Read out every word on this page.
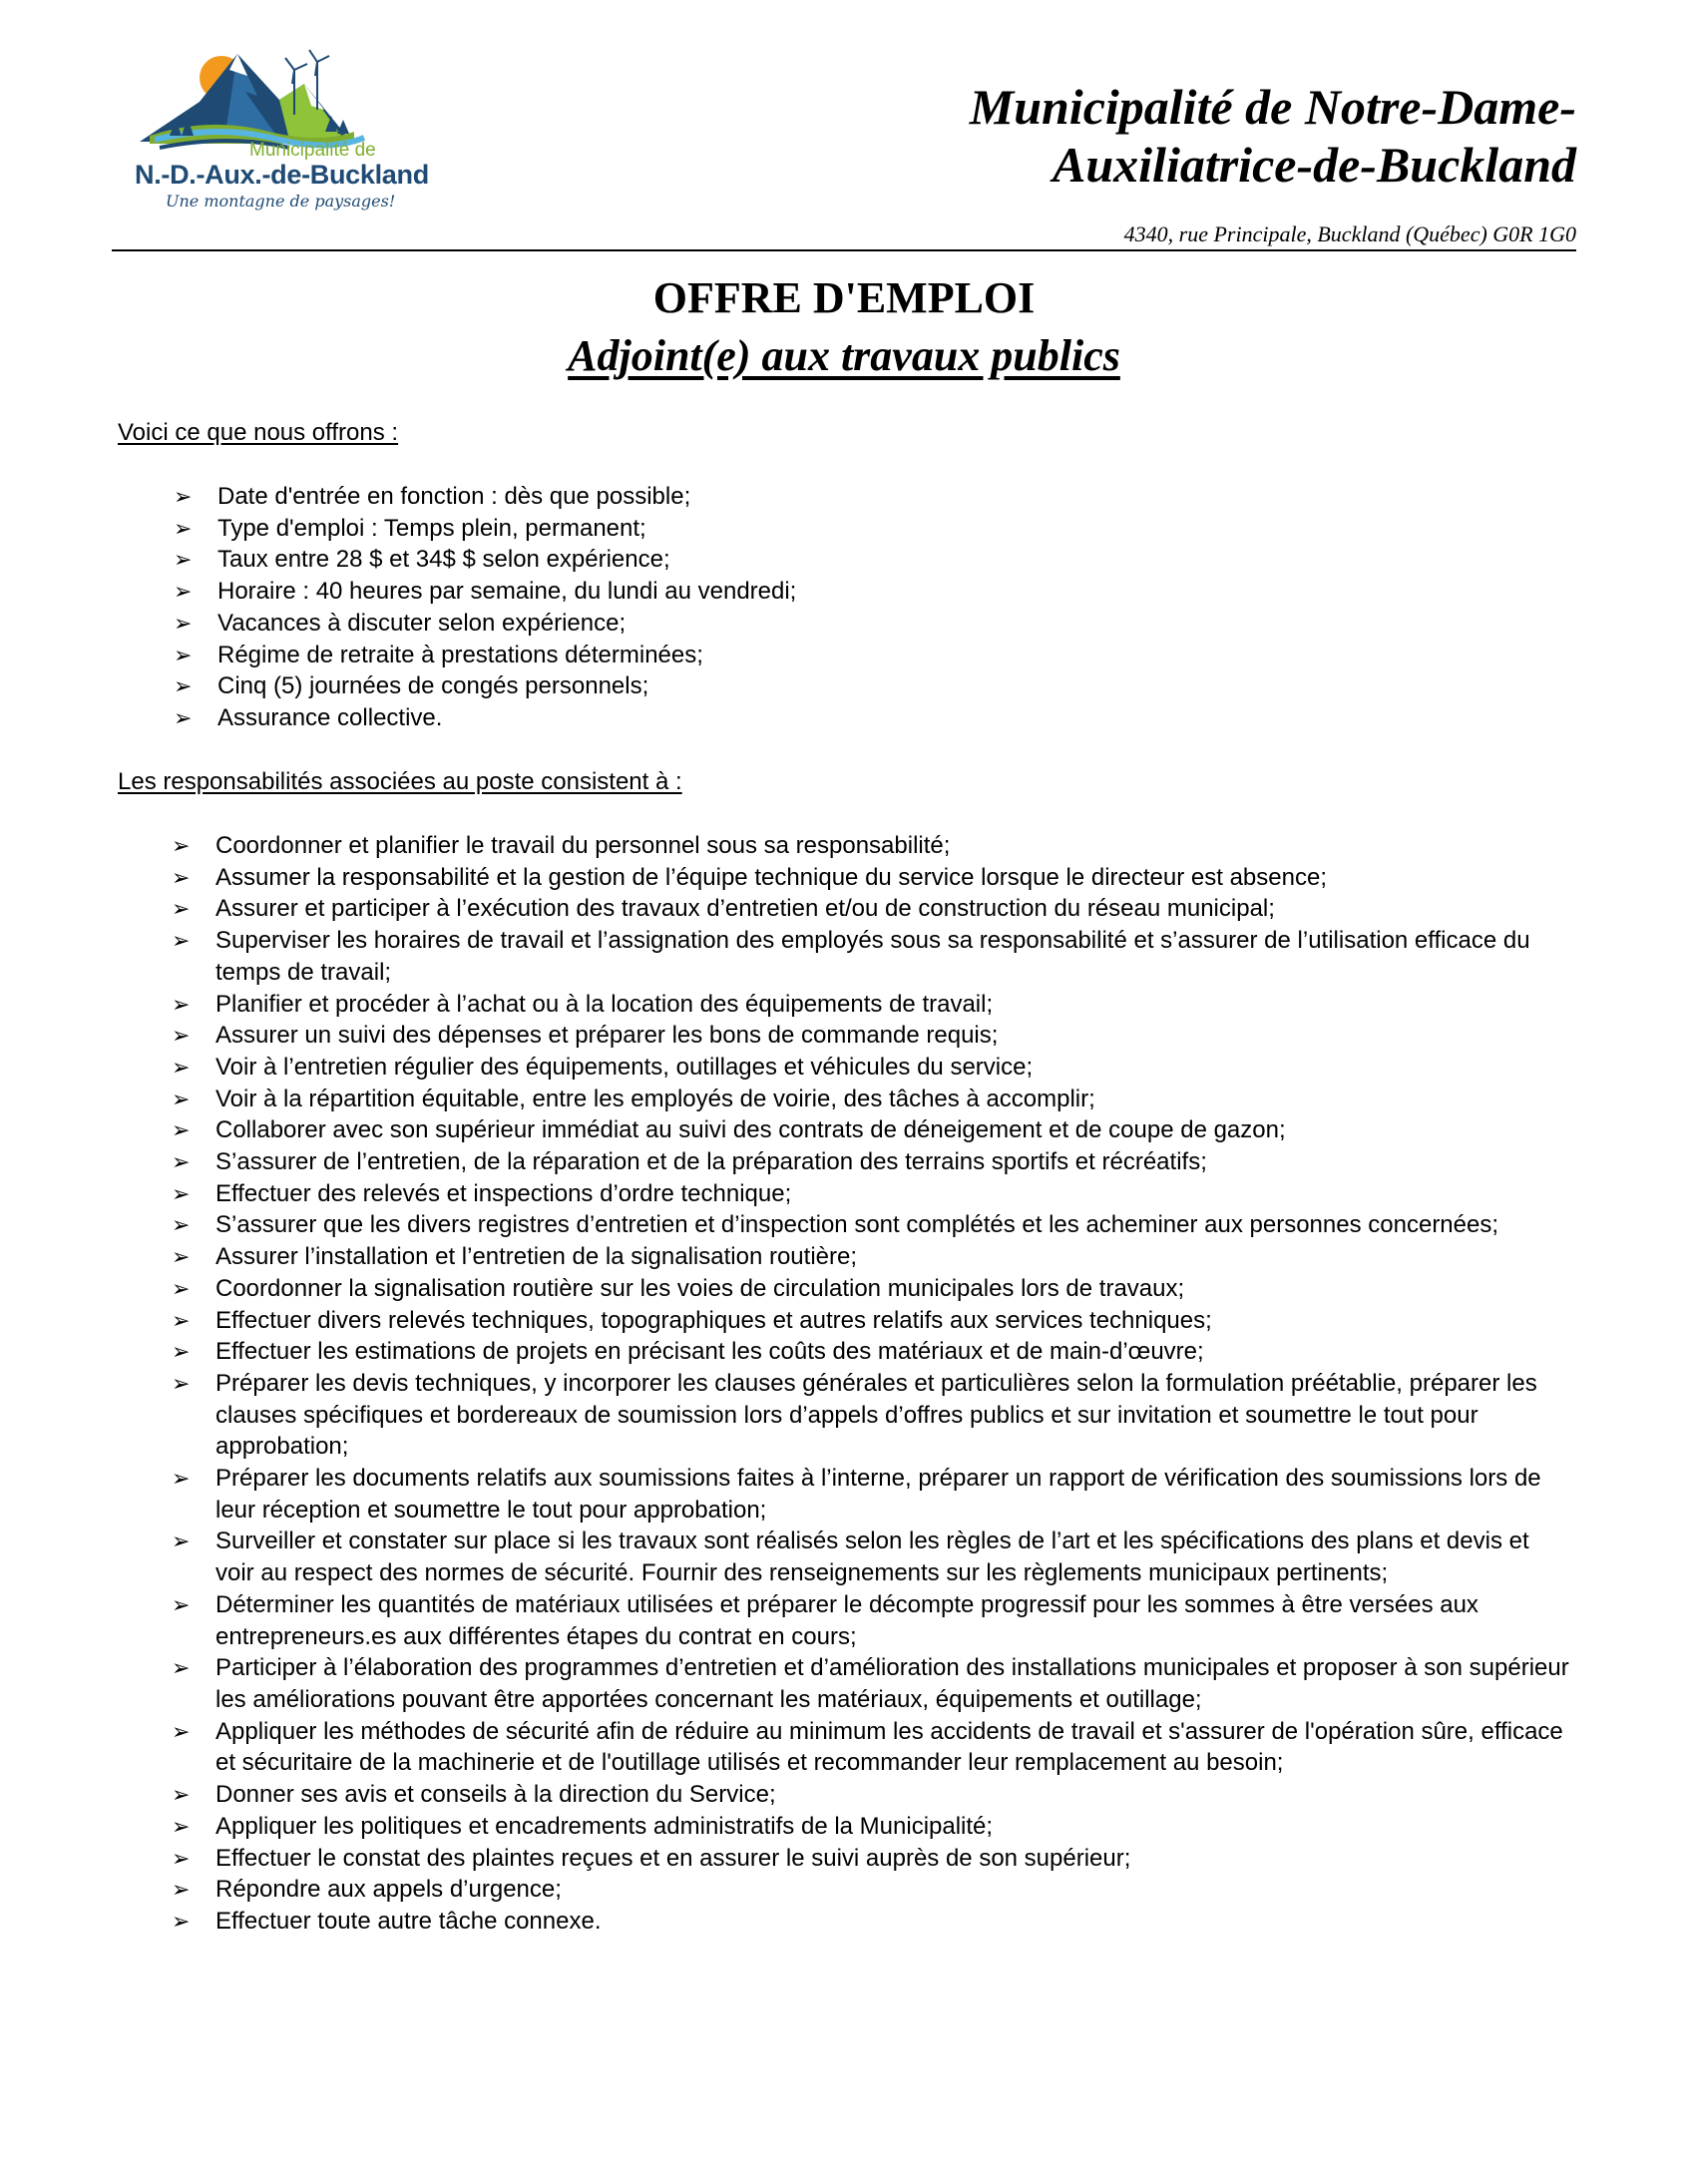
Municipalité de
N.-D.-Aux.-de-Buckland
Une montagne de paysages!
Municipalité de Notre-Dame-
Auxiliatrice-de-Buckland
4340, rue Principale, Buckland (Québec) G0R 1G0
OFFRE D'EMPLOI
Adjoint(e) aux travaux publics
Voici ce que nous offrons :
➢ Date d'entrée en fonction : dès que possible;
➢ Type d'emploi : Temps plein, permanent;
➢ Taux entre 28 $ et 34$ $ selon expérience;
➢ Horaire : 40 heures par semaine, du lundi au vendredi;
➢ Vacances à discuter selon expérience;
➢ Régime de retraite à prestations déterminées;
➢ Cinq (5) journées de congés personnels;
➢ Assurance collective.
Les responsabilités associées au poste consistent à :
➢ Coordonner et planifier le travail du personnel sous sa responsabilité;
➢ Assumer la responsabilité et la gestion de l’équipe technique du service lorsque le directeur est absence;
➢ Assurer et participer à l’exécution des travaux d’entretien et/ou de construction du réseau municipal;
➢ Superviser les horaires de travail et l’assignation des employés sous sa responsabilité et s’assurer de l’utilisation efficace du temps de travail;
➢ Planifier et procéder à l’achat ou à la location des équipements de travail;
➢ Assurer un suivi des dépenses et préparer les bons de commande requis;
➢ Voir à l’entretien régulier des équipements, outillages et véhicules du service;
➢ Voir à la répartition équitable, entre les employés de voirie, des tâches à accomplir;
➢ Collaborer avec son supérieur immédiat au suivi des contrats de déneigement et de coupe de gazon;
➢ S’assurer de l’entretien, de la réparation et de la préparation des terrains sportifs et récréatifs;
➢ Effectuer des relevés et inspections d’ordre technique;
➢ S’assurer que les divers registres d’entretien et d’inspection sont complétés et les acheminer aux personnes concernées;
➢ Assurer l’installation et l’entretien de la signalisation routière;
➢ Coordonner la signalisation routière sur les voies de circulation municipales lors de travaux;
➢ Effectuer divers relevés techniques, topographiques et autres relatifs aux services techniques;
➢ Effectuer les estimations de projets en précisant les coûts des matériaux et de main-d’œuvre;
➢ Préparer les devis techniques, y incorporer les clauses générales et particulières selon la formulation préétablie, préparer les clauses spécifiques et bordereaux de soumission lors d’appels d’offres publics et sur invitation et soumettre le tout pour approbation;
➢ Préparer les documents relatifs aux soumissions faites à l’interne, préparer un rapport de vérification des soumissions lors de leur réception et soumettre le tout pour approbation;
➢ Surveiller et constater sur place si les travaux sont réalisés selon les règles de l’art et les spécifications des plans et devis et voir au respect des normes de sécurité. Fournir des renseignements sur les règlements municipaux pertinents;
➢ Déterminer les quantités de matériaux utilisées et préparer le décompte progressif pour les sommes à être versées aux entrepreneurs.es aux différentes étapes du contrat en cours;
➢ Participer à l’élaboration des programmes d’entretien et d’amélioration des installations municipales et proposer à son supérieur les améliorations pouvant être apportées concernant les matériaux, équipements et outillage;
➢ Appliquer les méthodes de sécurité afin de réduire au minimum les accidents de travail et s'assurer de l'opération sûre, efficace et sécuritaire de la machinerie et de l'outillage utilisés et recommander leur remplacement au besoin;
➢ Donner ses avis et conseils à la direction du Service;
➢ Appliquer les politiques et encadrements administratifs de la Municipalité;
➢ Effectuer le constat des plaintes reçues et en assurer le suivi auprès de son supérieur;
➢ Répondre aux appels d’urgence;
➢ Effectuer toute autre tâche connexe.
